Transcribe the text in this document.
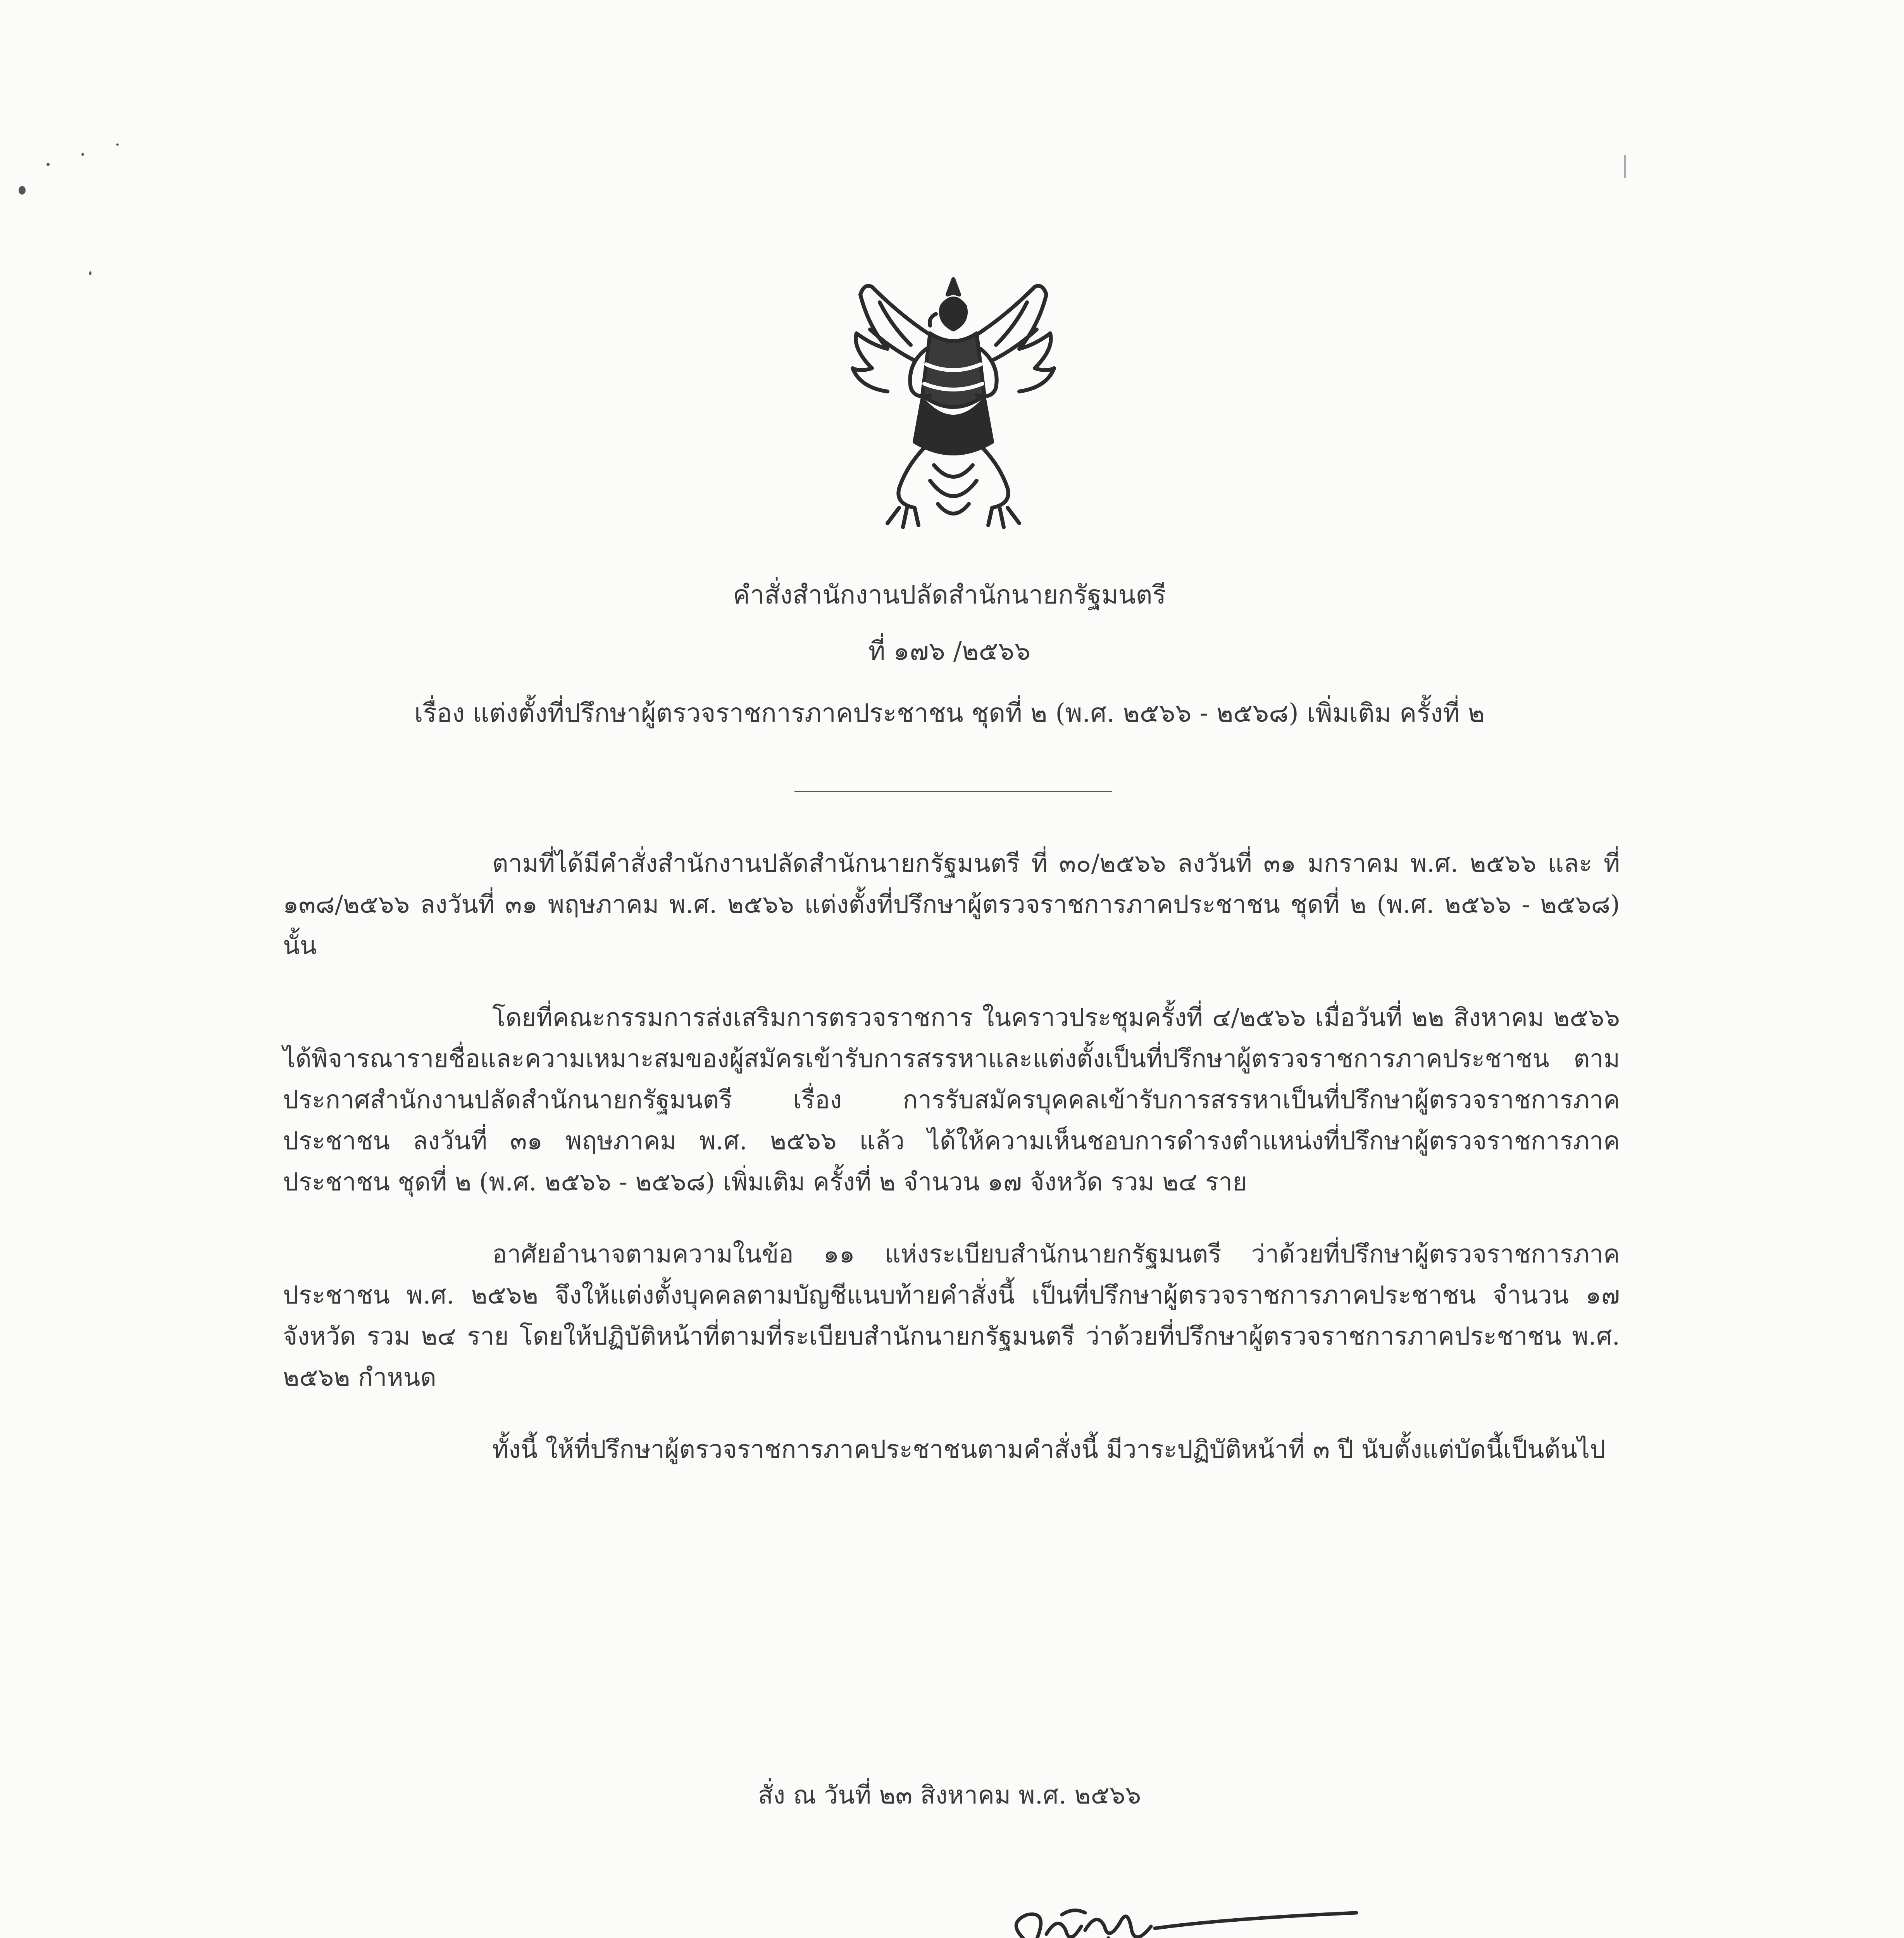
คำสั่งสำนักงานปลัดสำนักนายกรัฐมนตรี
ที่ ๑๗๖ /๒๕๖๖
เรื่อง แต่งตั้งที่ปรึกษาผู้ตรวจราชการภาคประชาชน ชุดที่ ๒ (พ.ศ. ๒๕๖๖ - ๒๕๖๘) เพิ่มเติม ครั้งที่ ๒

ตามที่ได้มีคำสั่งสำนักงานปลัดสำนักนายกรัฐมนตรี ที่ ๓๐/๒๕๖๖ ลงวันที่ ๓๑ มกราคม พ.ศ. ๒๕๖๖ และ ที่ ๑๓๘/๒๕๖๖ ลงวันที่ ๓๑ พฤษภาคม พ.ศ. ๒๕๖๖ แต่งตั้งที่ปรึกษาผู้ตรวจราชการภาคประชาชน ชุดที่ ๒ (พ.ศ. ๒๕๖๖ - ๒๕๖๘) นั้น

โดยที่คณะกรรมการส่งเสริมการตรวจราชการ ในคราวประชุมครั้งที่ ๔/๒๕๖๖ เมื่อวันที่ ๒๒ สิงหาคม ๒๕๖๖ ได้พิจารณารายชื่อและความเหมาะสมของผู้สมัครเข้ารับการสรรหาและแต่งตั้งเป็นที่ปรึกษาผู้ตรวจราชการภาคประชาชน ตามประกาศสำนักงานปลัดสำนักนายกรัฐมนตรี เรื่อง การรับสมัครบุคคลเข้ารับการสรรหาเป็นที่ปรึกษาผู้ตรวจราชการภาคประชาชน ลงวันที่ ๓๑ พฤษภาคม พ.ศ. ๒๕๖๖ แล้ว ได้ให้ความเห็นชอบการดำรงตำแหน่งที่ปรึกษาผู้ตรวจราชการภาคประชาชน ชุดที่ ๒ (พ.ศ. ๒๕๖๖ - ๒๕๖๘) เพิ่มเติม ครั้งที่ ๒ จำนวน ๑๗ จังหวัด รวม ๒๔ ราย

อาศัยอำนาจตามความในข้อ ๑๑ แห่งระเบียบสำนักนายกรัฐมนตรี ว่าด้วยที่ปรึกษาผู้ตรวจราชการภาคประชาชน พ.ศ. ๒๕๖๒ จึงให้แต่งตั้งบุคคลตามบัญชีแนบท้ายคำสั่งนี้ เป็นที่ปรึกษาผู้ตรวจราชการภาคประชาชน จำนวน ๑๗ จังหวัด รวม ๒๔ ราย โดยให้ปฏิบัติหน้าที่ตามที่ระเบียบสำนักนายกรัฐมนตรี ว่าด้วยที่ปรึกษาผู้ตรวจราชการภาคประชาชน พ.ศ. ๒๕๖๒ กำหนด

ทั้งนี้ ให้ที่ปรึกษาผู้ตรวจราชการภาคประชาชนตามคำสั่งนี้ มีวาระปฏิบัติหน้าที่ ๓ ปี นับตั้งแต่บัดนี้เป็นต้นไป

สั่ง ณ วันที่ ๒๓ สิงหาคม พ.ศ. ๒๕๖๖
